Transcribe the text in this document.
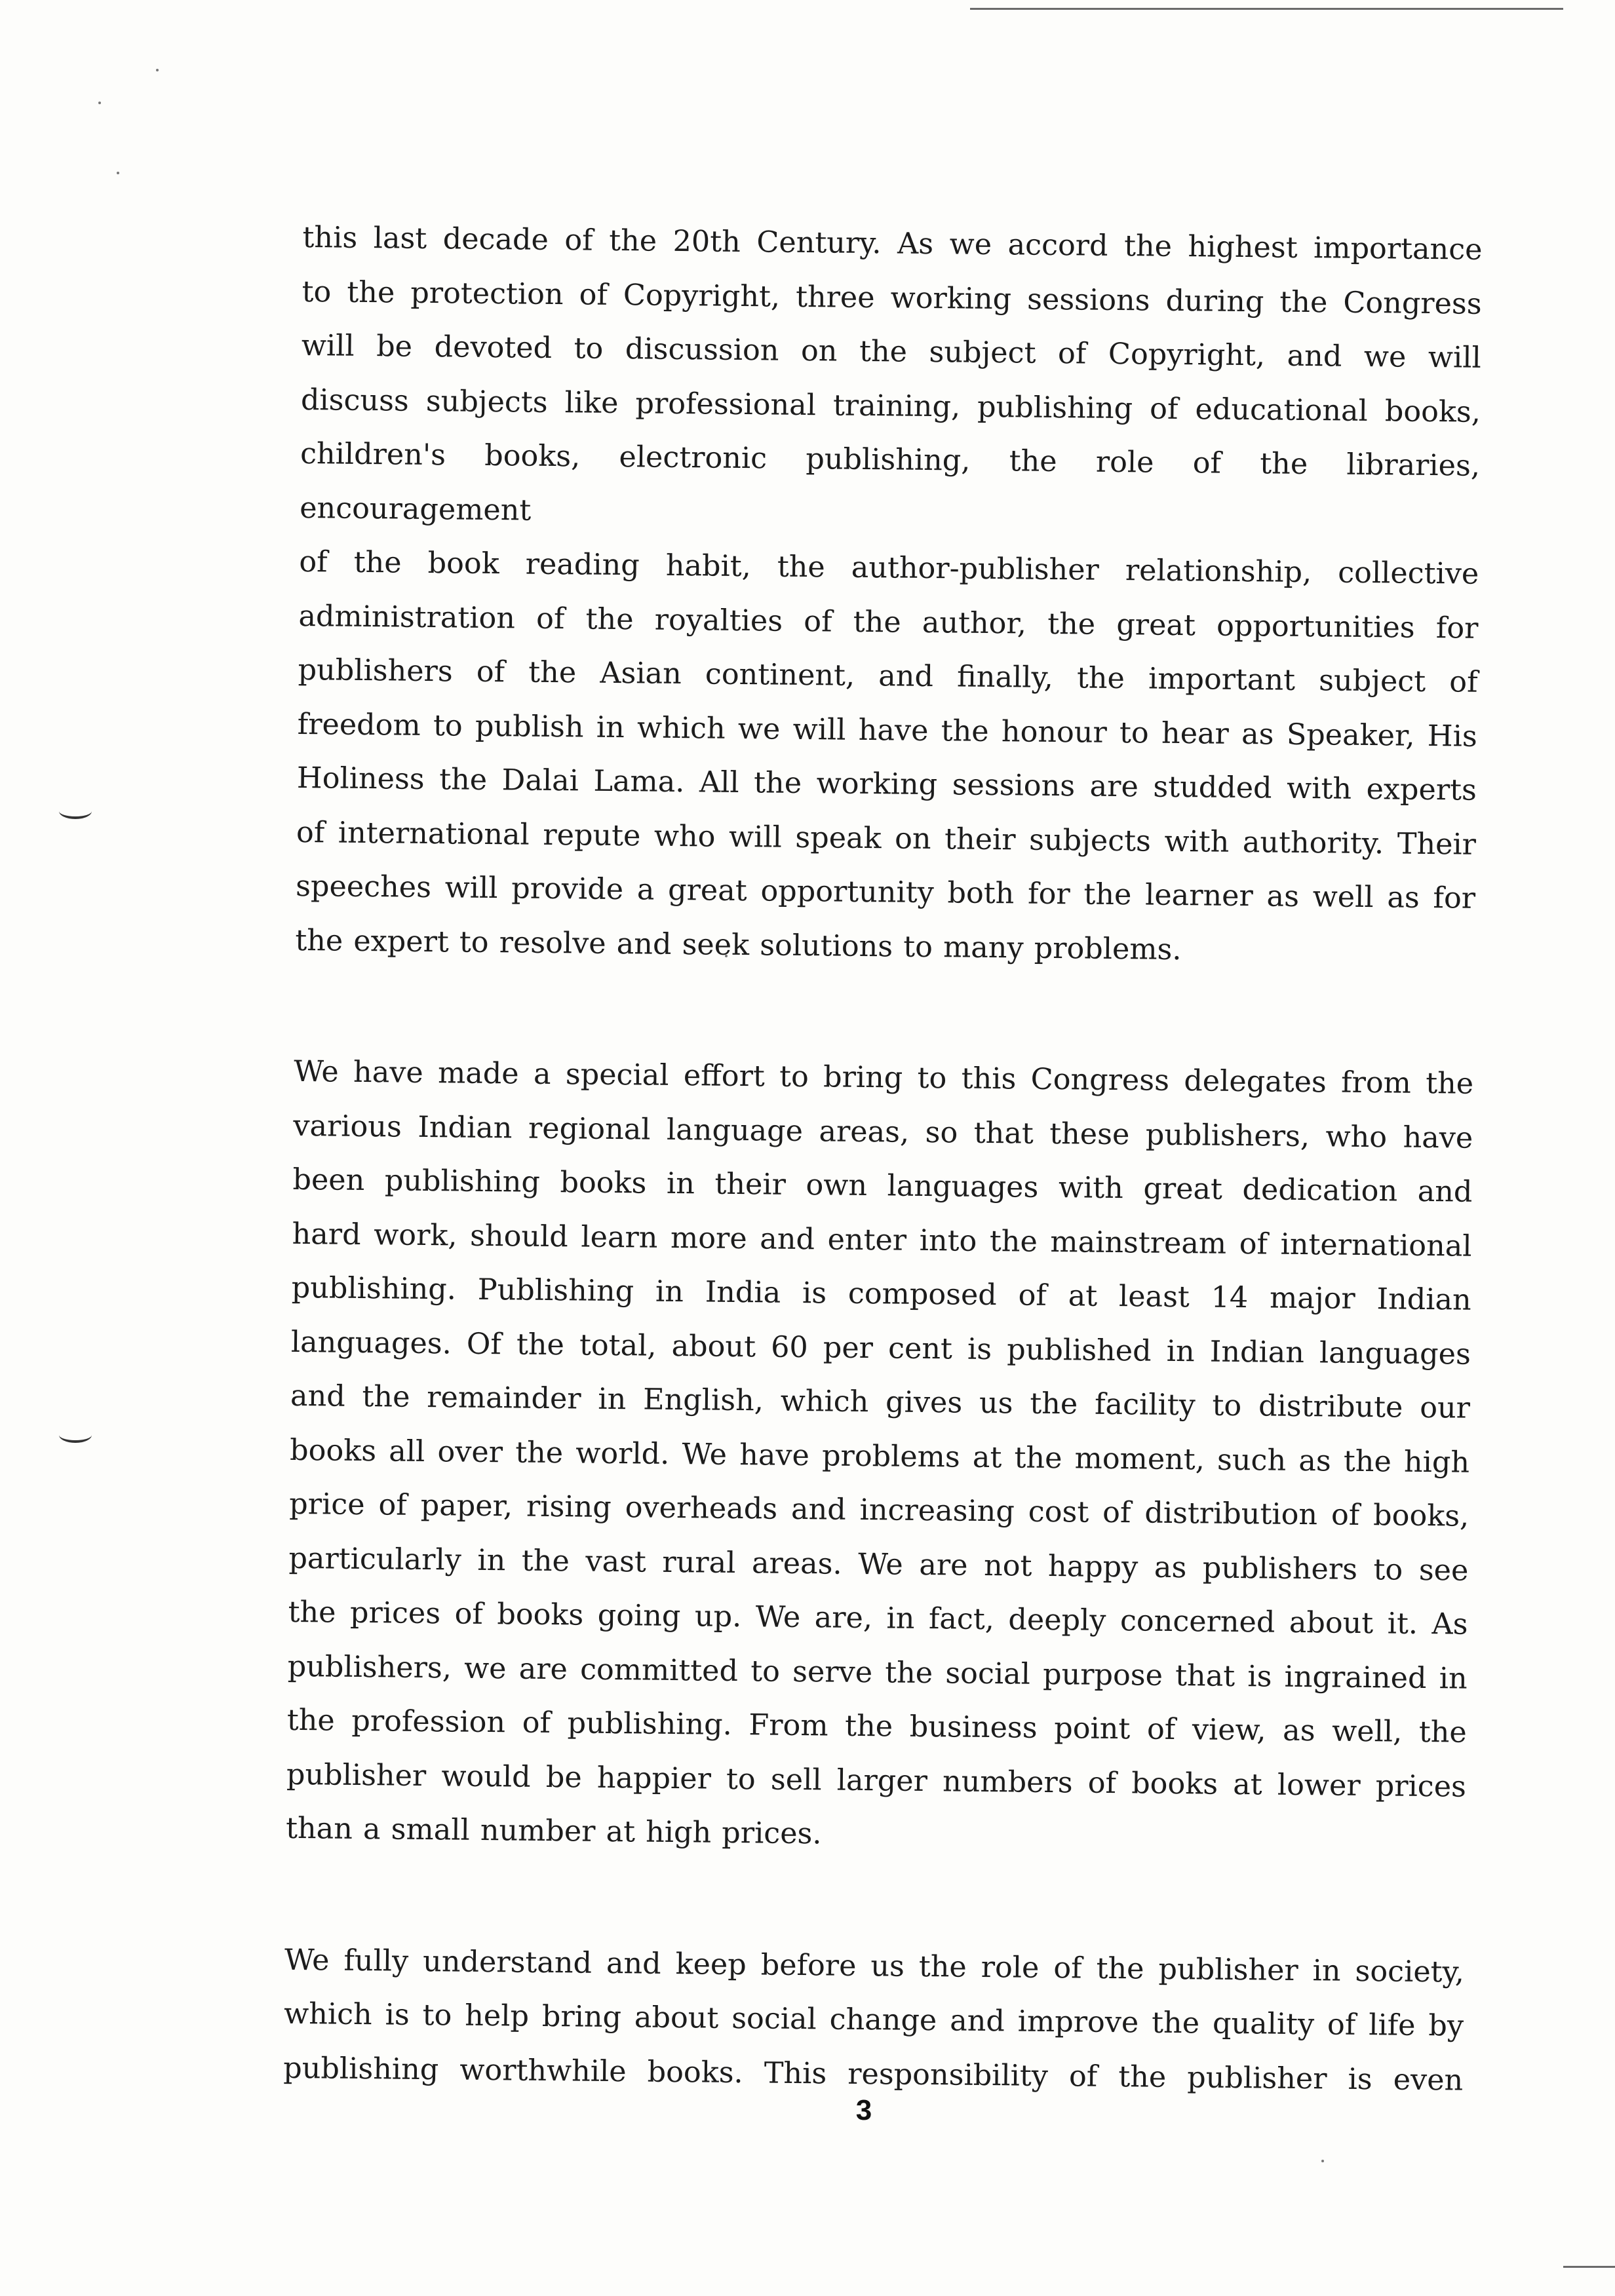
this last decade of the 20th Century. As we accord the highest importance
to the protection of Copyright, three working sessions during the Congress
will be devoted to discussion on the subject of Copyright, and we will
discuss subjects like professional training, publishing of educational books,
children's books, electronic publishing, the role of the libraries, encouragement
of the book reading habit, the author-publisher relationship, collective
administration of the royalties of the author, the great opportunities for
publishers of the Asian continent, and finally, the important subject of
freedom to publish in which we will have the honour to hear as Speaker, His
Holiness the Dalai Lama. All the working sessions are studded with experts
of international repute who will speak on their subjects with authority. Their
speeches will provide a great opportunity both for the learner as well as for
the expert to resolve and seek solutions to many problems.

We have made a special effort to bring to this Congress delegates from the
various Indian regional language areas, so that these publishers, who have
been publishing books in their own languages with great dedication and
hard work, should learn more and enter into the mainstream of international
publishing. Publishing in India is composed of at least 14 major Indian
languages. Of the total, about 60 per cent is published in Indian languages
and the remainder in English, which gives us the facility to distribute our
books all over the world. We have problems at the moment, such as the high
price of paper, rising overheads and increasing cost of distribution of books,
particularly in the vast rural areas. We are not happy as publishers to see
the prices of books going up. We are, in fact, deeply concerned about it. As
publishers, we are committed to serve the social purpose that is ingrained in
the profession of publishing. From the business point of view, as well, the
publisher would be happier to sell larger numbers of books at lower prices
than a small number at high prices.

We fully understand and keep before us the role of the publisher in society,
which is to help bring about social change and improve the quality of life by
publishing worthwhile books. This responsibility of the publisher is even

3
